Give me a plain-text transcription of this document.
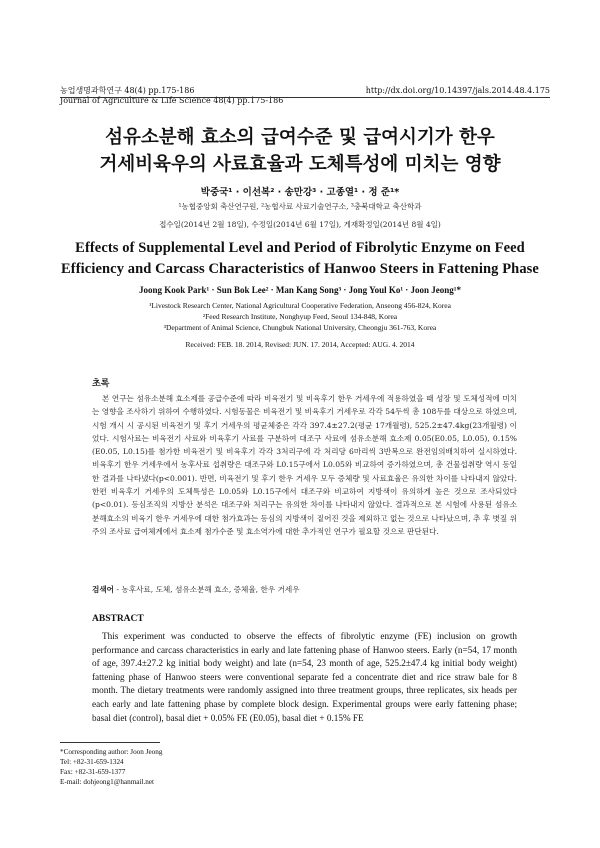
농업생명과학연구 48(4) pp.175-186
Journal of Agriculture & Life Science 48(4) pp.175-186
http://dx.doi.org/10.14397/jals.2014.48.4.175
섬유소분해 효소의 급여수준 및 급여시기가 한우
거세비육우의 사료효율과 도체특성에 미치는 영향
박중국¹ · 이선복² · 송만강³ · 고종열¹ · 정 준¹*
¹농협중앙회 축산연구원, ²농협사료 사료기술연구소, ³충북대학교 축산학과
접수일(2014년 2월 18일), 수정일(2014년 6월 17일), 게재확정일(2014년 8월 4일)
Effects of Supplemental Level and Period of Fibrolytic Enzyme on Feed
Efficiency and Carcass Characteristics of Hanwoo Steers in Fattening Phase
Joong Kook Park¹ · Sun Bok Lee² · Man Kang Song³ · Jong Youl Ko¹ · Joon Jeong¹*
¹Livestock Research Center, National Agricultural Cooperative Federation, Anseong 456-824, Korea
²Feed Research Institute, Nonghyup Feed, Seoul 134-848, Korea
³Department of Animal Science, Chungbuk National University, Cheongju 361-763, Korea
Received: FEB. 18. 2014, Revised: JUN. 17. 2014, Accepted: AUG. 4. 2014
초록
본 연구는 섬유소분해 효소제를 공급수준에 따라 비육전기 및 비육후기 한우 거세우에 적용하였을 때 성장 및 도체성적에 미치는 영향을 조사하기 위하여 수행하였다. 시험동물은 비육전기 및 비육후기 거세우로 각각 54두씩 총 108두를 대상으로 하였으며, 시험 개시 시 공시된 비육전기 및 후기 거세우의 평균체중은 각각 397.4±27.2(평균 17개월령), 525.2±47.4kg(23개월령) 이었다. 시험사료는 비육전기 사료와 비육후기 사료를 구분하여 대조구 사료에 섬유소분해 효소제 0.05(E0.05, L0.05), 0.15%(E0.05, L0.15)를 첨가한 비육전기 및 비육후기 각각 3처리구에 각 처리당 6마리씩 3반복으로 완전임의배치하여 실시하였다. 비육후기 한우 거세우에서 농후사료 섭취량은 대조구와 L0.15구에서 L0.05와 비교하여 증가하였으며, 총 건물섭취량 역시 동일한 결과를 나타냈다(p<0.001). 반면, 비육전기 및 후기 한우 거세우 모두 증체량 및 사료효율은 유의한 차이를 나타내지 않았다. 한편 비육후기 거세우의 도체특성은 L0.05와 L0.15구에서 대조구와 비교하여 지방색이 유의하게 높은 것으로 조사되었다(p<0.01). 등심조직의 지방산 분석은 대조구와 처리구는 유의한 차이를 나타내지 않았다. 결과적으로 본 시험에 사용된 섬유소 분해효소의 비육기 한우 거세우에 대한 첨가효과는 등심의 지방색이 짙어진 것을 제외하고 없는 것으로 나타났으며, 추 후 볏짚 위주의 조사료 급여체계에서 효소제 첨가수준 및 효소역가에 대한 추가적인 연구가 필요할 것으로 판단된다.
검색어 - 농후사료, 도체, 섬유소분해 효소, 증체율, 한우 거세우
ABSTRACT
This experiment was conducted to observe the effects of fibrolytic enzyme (FE) inclusion on growth performance and carcass characteristics in early and late fattening phase of Hanwoo steers. Early (n=54, 17 month of age, 397.4±27.2 kg initial body weight) and late (n=54, 23 month of age, 525.2±47.4 kg initial body weight) fattening phase of Hanwoo steers were conventional separate fed a concentrate diet and rice straw bale for 8 month. The dietary treatments were randomly assigned into three treatment groups, three replicates, six heads per each early and late fattening phase by complete block design. Experimental groups were early fattening phase; basal diet (control), basal diet + 0.05% FE (E0.05), basal diet + 0.15% FE
*Corresponding author: Joon Jeong
Tel: +82-31-659-1324
Fax: +82-31-659-1377
E-mail: dohjeong1@hanmail.net
